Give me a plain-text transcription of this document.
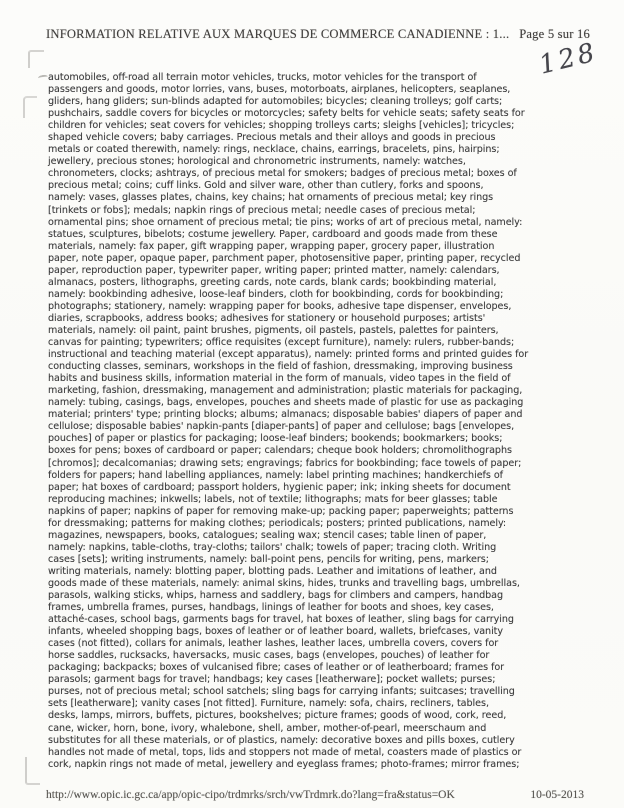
INFORMATION RELATIVE AUX MARQUES DE COMMERCE CANADIENNE : 1... Page 5 sur 16
128
automobiles, off-road all terrain motor vehicles, trucks, motor vehicles for the transport of
passengers and goods, motor lorries, vans, buses, motorboats, airplanes, helicopters, seaplanes,
gliders, hang gliders; sun-blinds adapted for automobiles; bicycles; cleaning trolleys; golf carts;
pushchairs, saddle covers for bicycles or motorcycles; safety belts for vehicle seats; safety seats for
children for vehicles; seat covers for vehicles; shopping trolleys carts; sleighs [vehicles]; tricycles;
shaped vehicle covers; baby carriages. Precious metals and their alloys and goods in precious
metals or coated therewith, namely: rings, necklace, chains, earrings, bracelets, pins, hairpins;
jewellery, precious stones; horological and chronometric instruments, namely: watches,
chronometers, clocks; ashtrays, of precious metal for smokers; badges of precious metal; boxes of
precious metal; coins; cuff links. Gold and silver ware, other than cutlery, forks and spoons,
namely: vases, glasses plates, chains, key chains; hat ornaments of precious metal; key rings
[trinkets or fobs]; medals; napkin rings of precious metal; needle cases of precious metal;
ornamental pins; shoe ornament of precious metal; tie pins; works of art of precious metal, namely:
statues, sculptures, bibelots; costume jewellery. Paper, cardboard and goods made from these
materials, namely: fax paper, gift wrapping paper, wrapping paper, grocery paper, illustration
paper, note paper, opaque paper, parchment paper, photosensitive paper, printing paper, recycled
paper, reproduction paper, typewriter paper, writing paper; printed matter, namely: calendars,
almanacs, posters, lithographs, greeting cards, note cards, blank cards; bookbinding material,
namely: bookbinding adhesive, loose-leaf binders, cloth for bookbinding, cords for bookbinding;
photographs; stationery, namely: wrapping paper for books, adhesive tape dispenser, envelopes,
diaries, scrapbooks, address books; adhesives for stationery or household purposes; artists'
materials, namely: oil paint, paint brushes, pigments, oil pastels, pastels, palettes for painters,
canvas for painting; typewriters; office requisites (except furniture), namely: rulers, rubber-bands;
instructional and teaching material (except apparatus), namely: printed forms and printed guides for
conducting classes, seminars, workshops in the field of fashion, dressmaking, improving business
habits and business skills, information material in the form of manuals, video tapes in the field of
marketing, fashion, dressmaking, management and administration; plastic materials for packaging,
namely: tubing, casings, bags, envelopes, pouches and sheets made of plastic for use as packaging
material; printers' type; printing blocks; albums; almanacs; disposable babies' diapers of paper and
cellulose; disposable babies' napkin-pants [diaper-pants] of paper and cellulose; bags [envelopes,
pouches] of paper or plastics for packaging; loose-leaf binders; bookends; bookmarkers; books;
boxes for pens; boxes of cardboard or paper; calendars; cheque book holders; chromolithographs
[chromos]; decalcomanias; drawing sets; engravings; fabrics for bookbinding; face towels of paper;
folders for papers; hand labelling appliances, namely: label printing machines; handkerchiefs of
paper; hat boxes of cardboard; passport holders, hygienic paper; ink; inking sheets for document
reproducing machines; inkwells; labels, not of textile; lithographs; mats for beer glasses; table
napkins of paper; napkins of paper for removing make-up; packing paper; paperweights; patterns
for dressmaking; patterns for making clothes; periodicals; posters; printed publications, namely:
magazines, newspapers, books, catalogues; sealing wax; stencil cases; table linen of paper,
namely: napkins, table-cloths, tray-cloths; tailors' chalk; towels of paper; tracing cloth. Writing
cases [sets]; writing instruments, namely: ball-point pens, pencils for writing, pens, markers;
writing materials, namely: blotting paper, blotting pads. Leather and imitations of leather, and
goods made of these materials, namely: animal skins, hides, trunks and travelling bags, umbrellas,
parasols, walking sticks, whips, harness and saddlery, bags for climbers and campers, handbag
frames, umbrella frames, purses, handbags, linings of leather for boots and shoes, key cases,
attaché-cases, school bags, garments bags for travel, hat boxes of leather, sling bags for carrying
infants, wheeled shopping bags, boxes of leather or of leather board, wallets, briefcases, vanity
cases (not fitted), collars for animals, leather lashes, leather laces, umbrella covers, covers for
horse saddles, rucksacks, haversacks, music cases, bags (envelopes, pouches) of leather for
packaging; backpacks; boxes of vulcanised fibre; cases of leather or of leatherboard; frames for
parasols; garment bags for travel; handbags; key cases [leatherware]; pocket wallets; purses;
purses, not of precious metal; school satchels; sling bags for carrying infants; suitcases; travelling
sets [leatherware]; vanity cases [not fitted]. Furniture, namely: sofa, chairs, recliners, tables,
desks, lamps, mirrors, buffets, pictures, bookshelves; picture frames; goods of wood, cork, reed,
cane, wicker, horn, bone, ivory, whalebone, shell, amber, mother-of-pearl, meerschaum and
substitutes for all these materials, or of plastics, namely: decorative boxes and pills boxes, cutlery
handles not made of metal, tops, lids and stoppers not made of metal, coasters made of plastics or
cork, napkin rings not made of metal, jewellery and eyeglass frames; photo-frames; mirror frames;
http://www.opic.ic.gc.ca/app/opic-cipo/trdmrks/srch/vwTrdmrk.do?lang=fra&status=OK	10-05-2013
